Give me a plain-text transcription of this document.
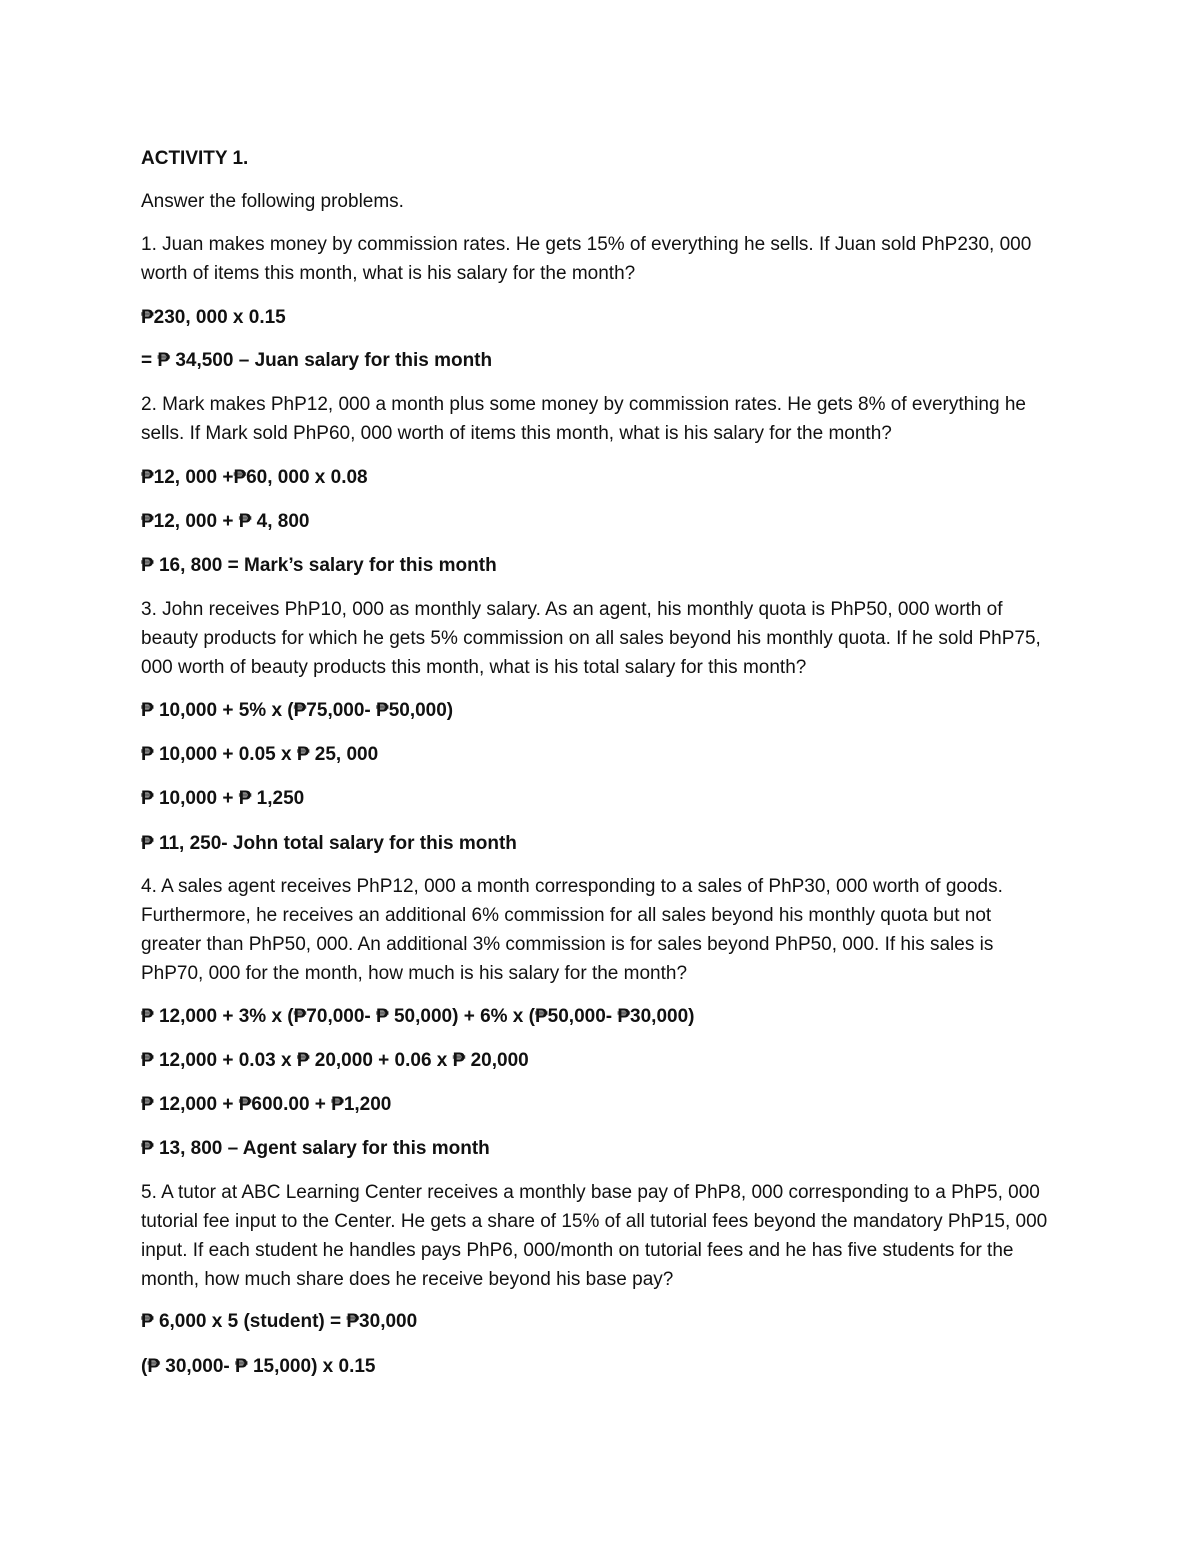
ACTIVITY 1.
Answer the following problems.
1. Juan makes money by commission rates. He gets 15% of everything he sells. If Juan sold PhP230, 000 worth of items this month, what is his salary for the month?
₱230, 000 x 0.15
= ₱ 34,500 – Juan salary for this month
2. Mark makes PhP12, 000 a month plus some money by commission rates. He gets 8% of everything he sells. If Mark sold PhP60, 000 worth of items this month, what is his salary for the month?
₱12, 000 +₱60, 000 x 0.08
₱12, 000 + ₱ 4, 800
₱ 16, 800 = Mark’s salary for this month
3. John receives PhP10, 000 as monthly salary. As an agent, his monthly quota is PhP50, 000 worth of beauty products for which he gets 5% commission on all sales beyond his monthly quota. If he sold PhP75, 000 worth of beauty products this month, what is his total salary for this month?
₱ 10,000 + 5% x (₱75,000- ₱50,000)
₱ 10,000 + 0.05 x ₱ 25, 000
₱ 10,000 + ₱ 1,250
₱ 11, 250- John total salary for this month
4. A sales agent receives PhP12, 000 a month corresponding to a sales of PhP30, 000 worth of goods. Furthermore, he receives an additional 6% commission for all sales beyond his monthly quota but not greater than PhP50, 000. An additional 3% commission is for sales beyond PhP50, 000. If his sales is PhP70, 000 for the month, how much is his salary for the month?
₱ 12,000 + 3% x (₱70,000- ₱ 50,000) + 6% x (₱50,000- ₱30,000)
₱ 12,000 + 0.03 x ₱ 20,000 + 0.06 x ₱ 20,000
₱ 12,000 + ₱600.00 + ₱1,200
₱ 13, 800 – Agent salary for this month
5. A tutor at ABC Learning Center receives a monthly base pay of PhP8, 000 corresponding to a PhP5, 000 tutorial fee input to the Center. He gets a share of 15% of all tutorial fees beyond the mandatory PhP15, 000 input. If each student he handles pays PhP6, 000/month on tutorial fees and he has five students for the month, how much share does he receive beyond his base pay?
₱ 6,000 x 5 (student) = ₱30,000
(₱ 30,000- ₱ 15,000) x 0.15
